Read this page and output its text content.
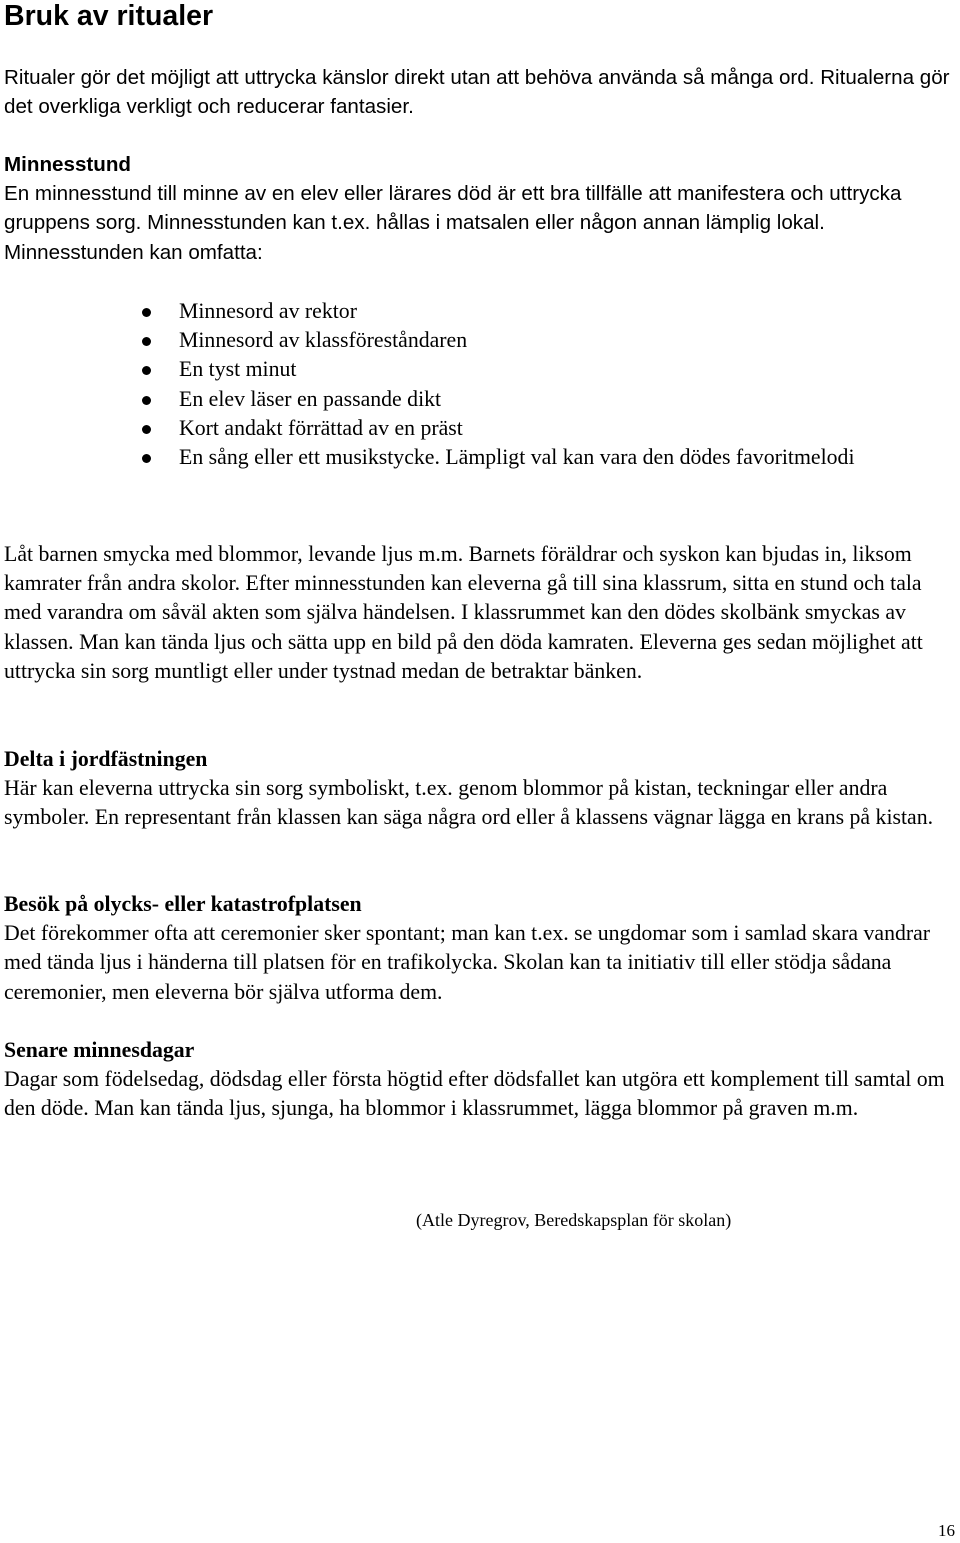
Bruk av ritualer

Ritualer gör det möjligt att uttrycka känslor direkt utan att behöva använda så många ord. Ritualerna gör det overkliga verkligt och reducerar fantasier.

Minnesstund
En minnesstund till minne av en elev eller lärares död är ett bra tillfälle att manifestera och uttrycka gruppens sorg. Minnesstunden kan t.ex. hållas i matsalen eller någon annan lämplig lokal. Minnesstunden kan omfatta:
Minnesord av rektor
Minnesord av klassföreståndaren
En tyst minut
En elev läser en passande dikt
Kort andakt förrättad av en präst
En sång eller ett musikstycke. Lämpligt val kan vara den dödes favoritmelodi

Låt barnen smycka med blommor, levande ljus m.m. Barnets föräldrar och syskon kan bjudas in, liksom kamrater från andra skolor. Efter minnesstunden kan eleverna gå till sina klassrum, sitta en stund och tala med varandra om såväl akten som själva händelsen. I klassrummet kan den dödes skolbänk smyckas av klassen. Man kan tända ljus och sätta upp en bild på den döda kamraten. Eleverna ges sedan möjlighet att uttrycka sin sorg muntligt eller under tystnad medan de betraktar bänken.

Delta i jordfästningen
Här kan eleverna uttrycka sin sorg symboliskt, t.ex. genom blommor på kistan, teckningar eller andra symboler. En representant från klassen kan säga några ord eller å klassens vägnar lägga en krans på kistan.
Besök på olycks- eller katastrofplatsen
Det förekommer ofta att ceremonier sker spontant; man kan t.ex. se ungdomar som i samlad skara vandrar med tända ljus i händerna till platsen för en trafikolycka. Skolan kan ta initiativ till eller stödja sådana ceremonier, men eleverna bör själva utforma dem.
Senare minnesdagar
Dagar som födelsedag, dödsdag eller första högtid efter dödsfallet kan utgöra ett komplement till samtal om den döde. Man kan tända ljus, sjunga, ha blommor i klassrummet, lägga blommor på graven m.m.

(Atle Dyregrov, Beredskapsplan för skolan)

16
